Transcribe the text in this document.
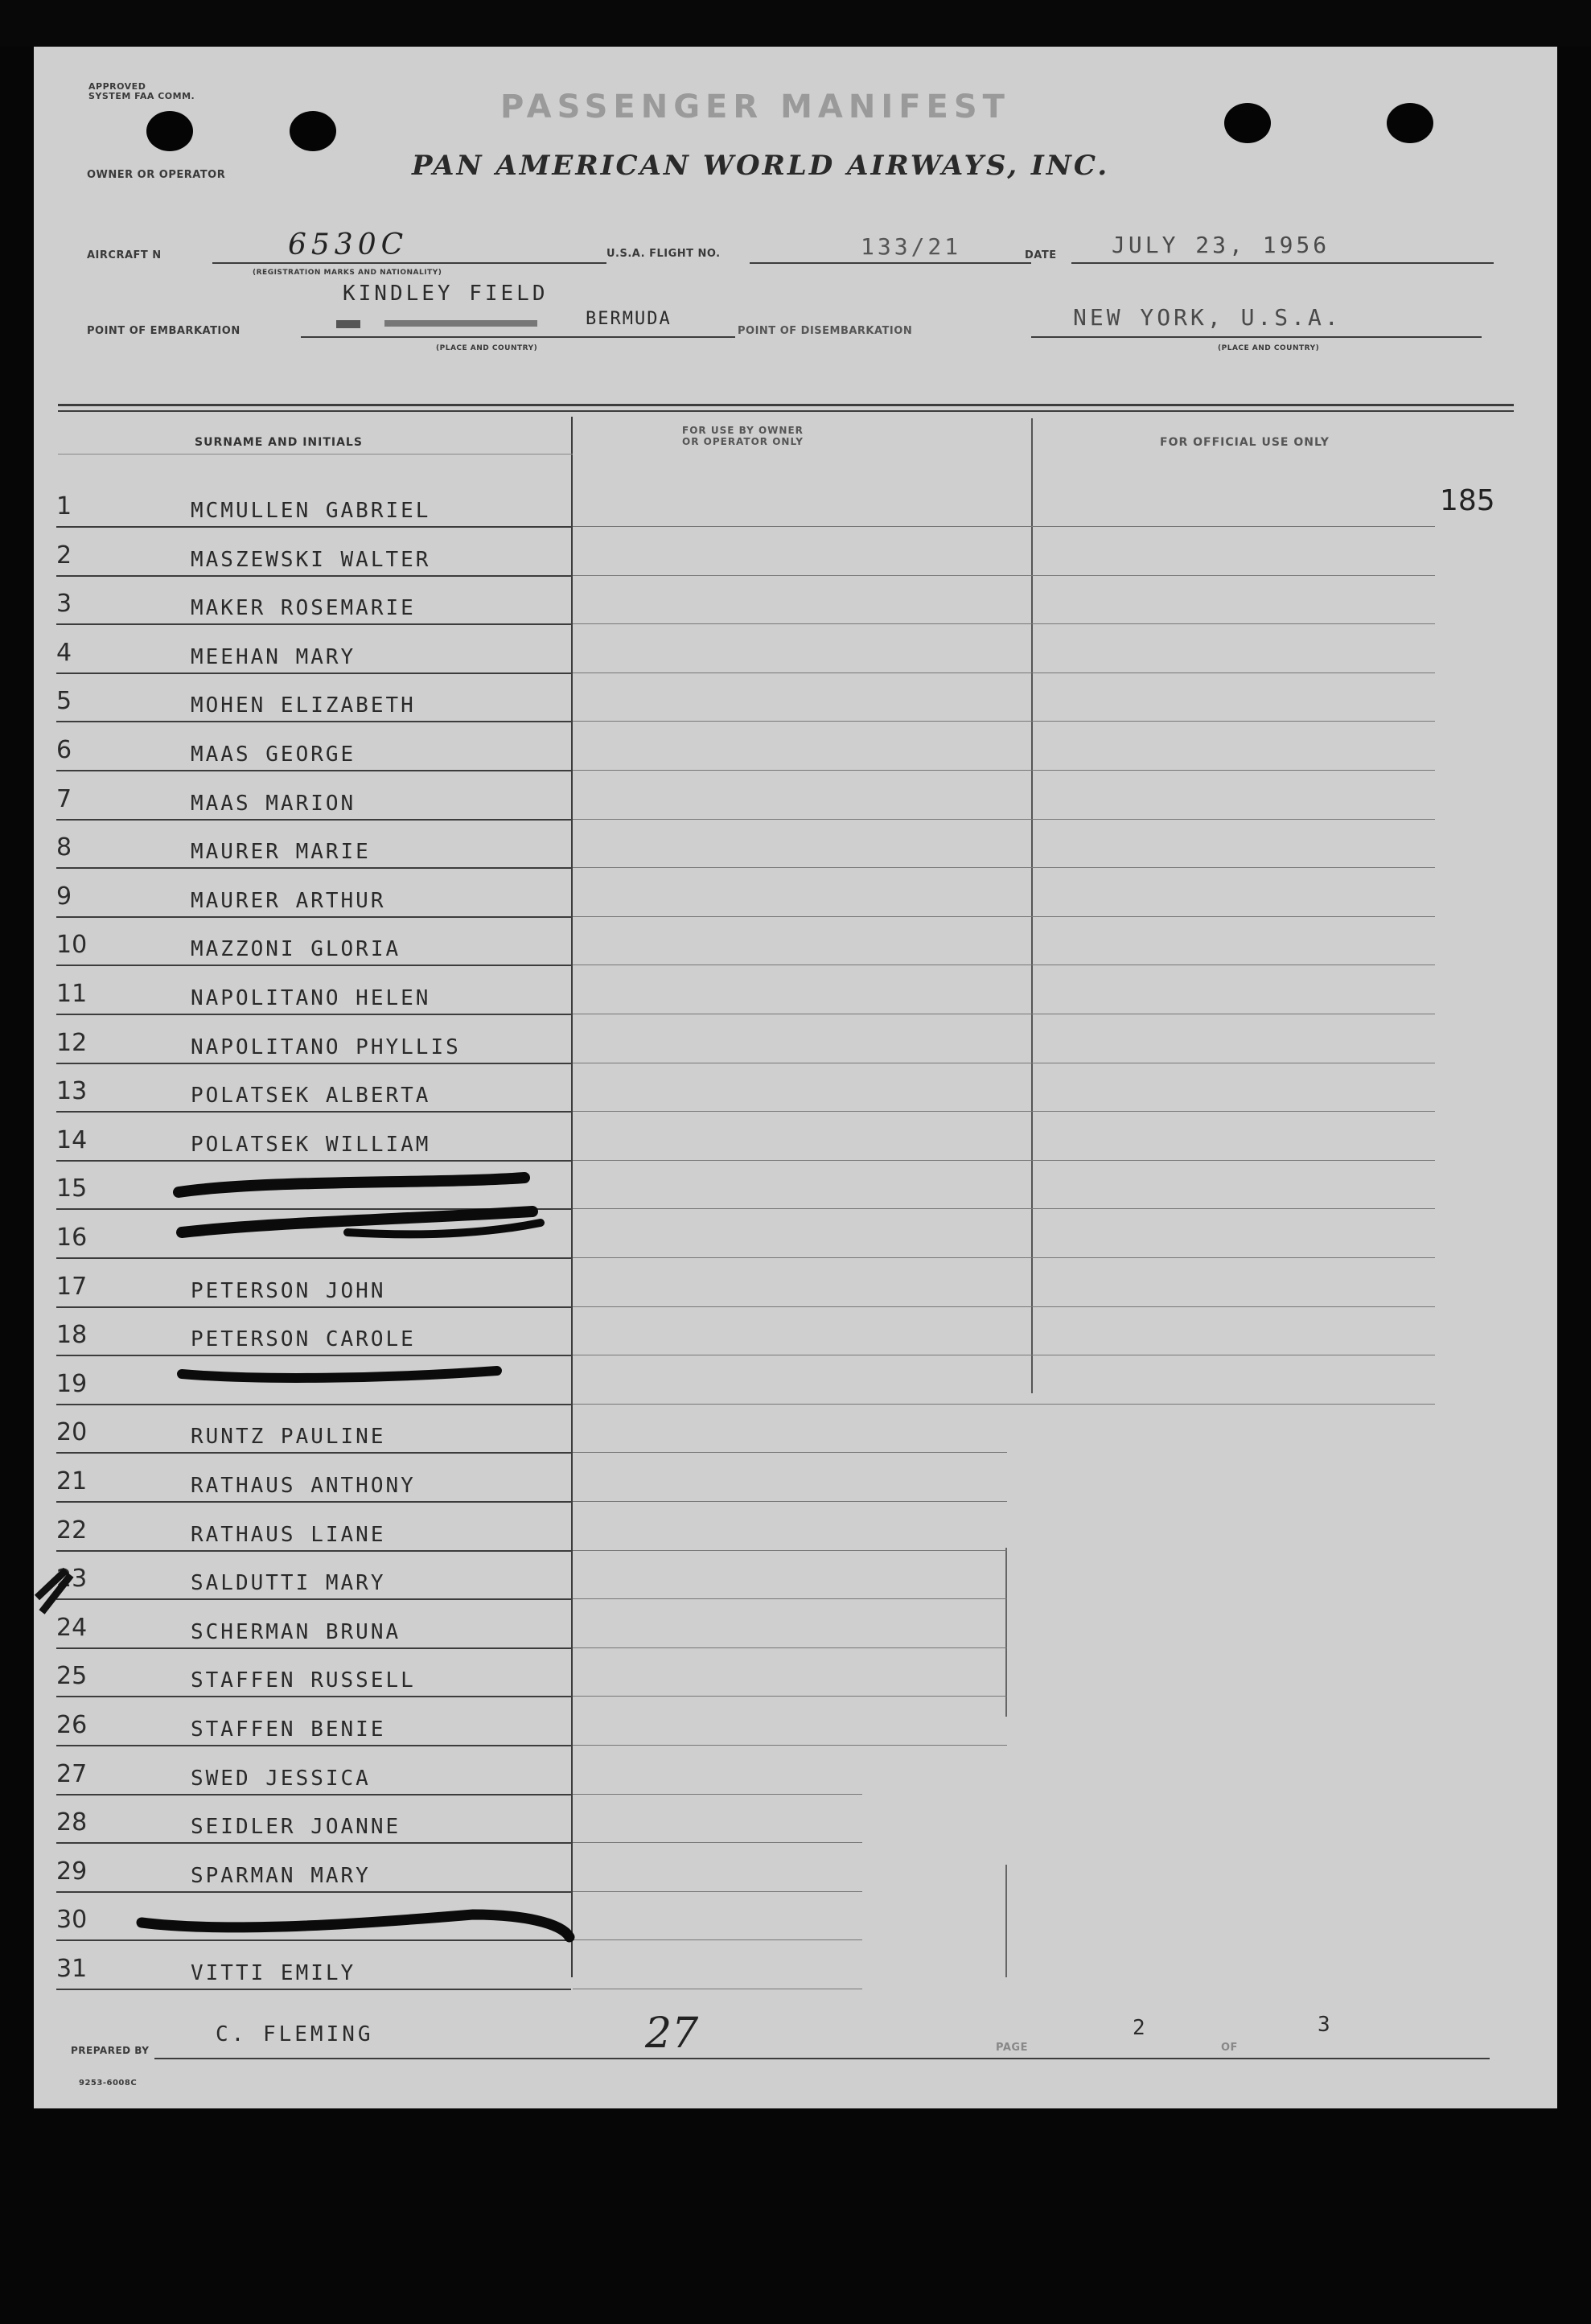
APPROVED
SYSTEM FAA COMM.	PASSENGER MANIFEST
OWNER OR OPERATOR	PAN AMERICAN WORLD AIRWAYS, INC.
AIRCRAFT N	6530C
(REGISTRATION MARKS AND NATIONALITY)
U.S.A. FLIGHT NO.	133/21	DATE JULY 23, 1956
KINDLEY FIELD
POINT OF EMBARKATION
BERMUDA
(PLACE AND COUNTRY)
POINT OF DISEMBARKATION
NEW YORK, U.S.A.
(PLACE AND COUNTRY)
SURNAME AND INITIALS
FOR USE BY OWNER
OR OPERATOR ONLY	FOR OFFICIAL USE ONLY
185
1	MCMULLEN GABRIEL
2	MASZEWSKI WALTER
3	MAKER ROSEMARIE
4	MEEHAN MARY
5	MOHEN ELIZABETH
6	MAAS GEORGE
7	MAAS MARION
8	MAURER MARIE
9	MAURER ARTHUR
10	MAZZONI GLORIA
11	NAPOLITANO HELEN
12	NAPOLITANO PHYLLIS
13	POLATSEK ALBERTA
14	POLATSEK WILLIAM
15
16
17	PETERSON JOHN
18	PETERSON CAROLE
19
20	RUNTZ PAULINE
21	RATHAUS ANTHONY
22	RATHAUS LIANE
23	SALDUTTI MARY
24	SCHERMAN BRUNA
25	STAFFEN RUSSELL
26	STAFFEN BENIE
27	SWED JESSICA
28	SEIDLER JOANNE
29	SPARMAN MARY
30
31	VITTI EMILY
PREPARED BY
C. FLEMING	27	PAGE
2
OF
3
9253-6008C
